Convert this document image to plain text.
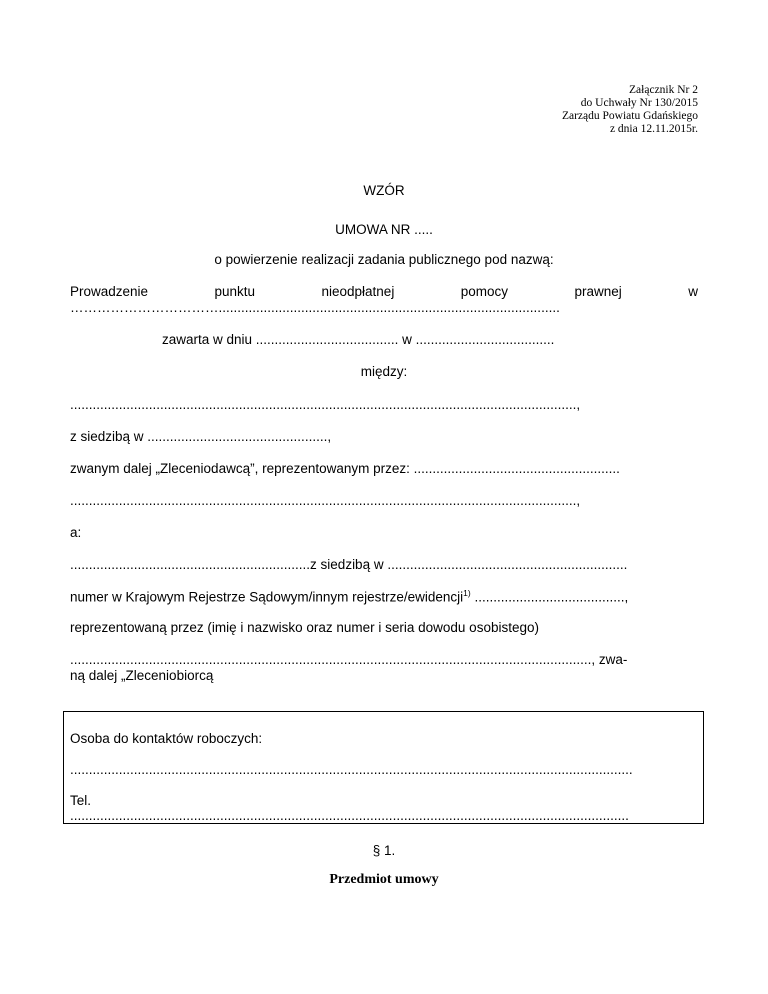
Załącznik Nr 2
do Uchwały Nr 130/2015
Zarządu Powiatu Gdańskiego
z dnia 12.11.2015r.
WZÓR
UMOWA NR .....
o powierzenie realizacji zadania publicznego pod nazwą:
Prowadzenie	punktu	nieodpłatnej	pomocy	prawnej	w
……………………………...........................................................................................
zawarta w dniu ...................................... w .....................................
między:
.......................................................................................................................................,
z siedzibą w ................................................,
zwanym dalej „Zleceniodawcą”, reprezentowanym przez: .......................................................
.......................................................................................................................................,
a:
................................................................z siedzibą w ................................................................
numer w Krajowym Rejestrze Sądowym/innym rejestrze/ewidencji$^{1)}$ ........................................,
reprezentowaną przez (imię i nazwisko oraz numer i seria dowodu osobistego)
..........................................................................................................................................., zwa-
ną dalej „Zleceniobiorcą
Osoba do kontaktów roboczych:
......................................................................................................................................................
Tel.
.....................................................................................................................................................
§ 1.
Przedmiot umowy
